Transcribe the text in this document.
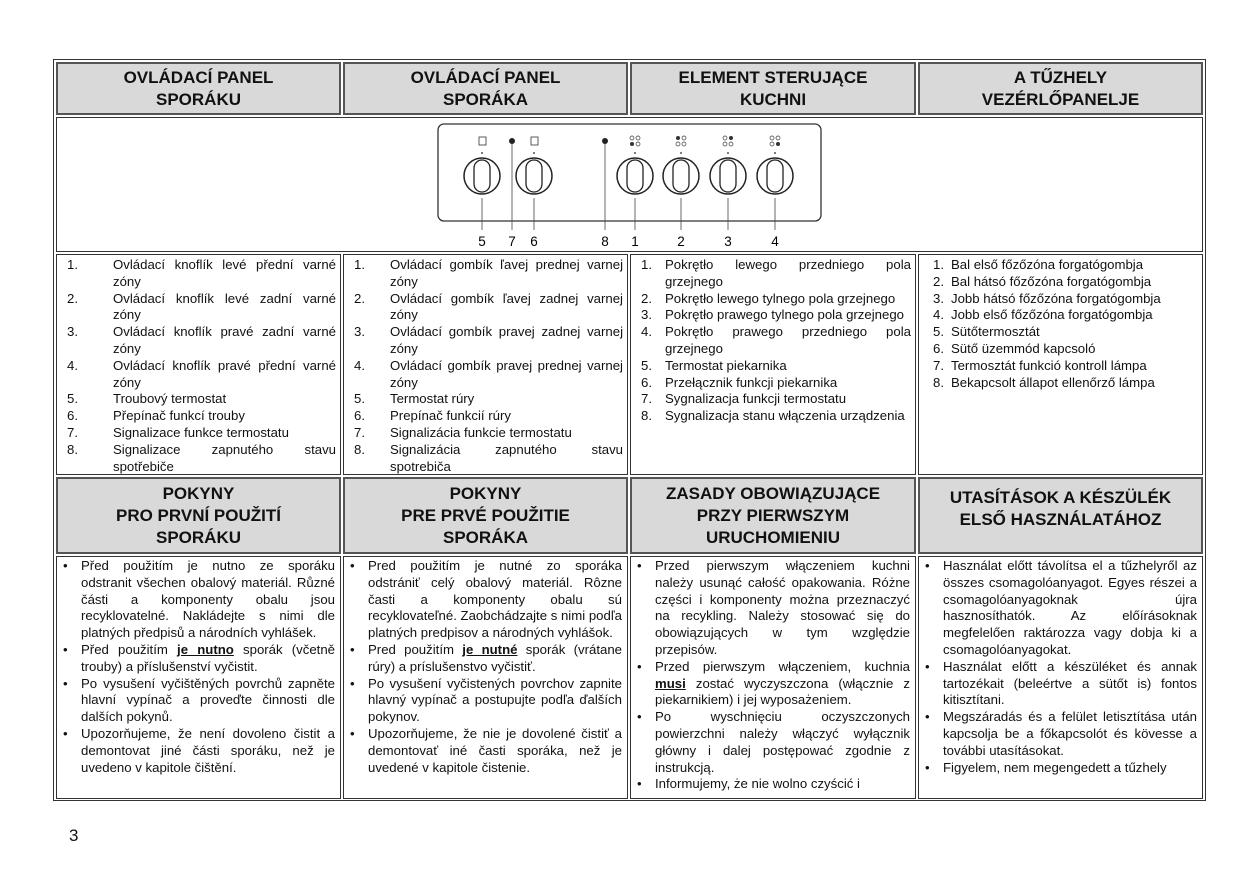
OVLÁDACÍ PANEL
SPORÁKU
OVLÁDACÍ PANEL
SPORÁKA
ELEMENT STERUJĄCE
KUCHNI
A TŰZHELY
VEZÉRLŐPANELJE
5 7 6	8 1	2	3	4
1.	Ovládací knoflík levé přední varné zóny
2.	Ovládací knoflík levé zadní varné zóny
3.	Ovládací knoflík pravé zadní varné zóny
4.	Ovládací knoflík pravé přední varné zóny
5.	Troubový termostat
6.	Přepínač funkcí trouby
7.	Signalizace funkce termostatu
8.	Signalizace zapnutého stavu spotřebiče
1.	Ovládací gombík ľavej prednej varnej zóny
2.	Ovládací gombík ľavej zadnej varnej zóny
3.	Ovládací gombík pravej zadnej varnej zóny
4.	Ovládací gombík pravej prednej varnej zóny
5.	Termostat rúry
6.	Prepínač funkcií rúry
7.	Signalizácia funkcie termostatu
8.	Signalizácia zapnutého stavu spotrebiča
1. Pokrętło lewego przedniego pola grzejnego
2. Pokrętło lewego tylnego pola grzejnego
3. Pokrętło prawego tylnego pola grzejnego
4. Pokrętło prawego przedniego pola grzejnego
5. Termostat piekarnika
6. Przełącznik funkcji piekarnika
7. Sygnalizacja funkcji termostatu
8. Sygnalizacja stanu włączenia urządzenia
1. Bal első főzőzóna forgatógombja
2. Bal hátsó főzőzóna forgatógombja
3. Jobb hátsó főzőzóna forgatógombja
4. Jobb első főzőzóna forgatógombja
5. Sütőtermosztát
6. Sütő üzemmód kapcsoló
7. Termosztát funkció kontroll lámpa
8. Bekapcsolt állapot ellenőrző lámpa
POKYNY
PRO PRVNÍ POUŽITÍ
SPORÁKU
POKYNY
PRE PRVÉ POUŽITIE
SPORÁKA
ZASADY OBOWIĄZUJĄCE
PRZY PIERWSZYM
URUCHOMIENIU
UTASÍTÁSOK A KÉSZÜLÉK
ELSŐ HASZNÁLATÁHOZ
•	Před použitím je nutno ze sporáku odstranit všechen obalový materiál. Různé části a komponenty obalu jsou recyklovatelné. Nakládejte s nimi dle platných předpisů a národních vyhlášek.
•	Před použitím je nutno sporák (včetně trouby) a příslušenství vyčistit.
•	Po vysušení vyčištěných povrchů zapněte hlavní vypínač a proveďte činnosti dle dalších pokynů.
•	Upozorňujeme, že není dovoleno čistit a demontovat jiné části sporáku, než je uvedeno v kapitole čištění.
•	Pred použitím je nutné zo sporáka odstrániť celý obalový materiál. Rôzne časti a komponenty obalu sú recyklovateľné. Zaobchádzajte s nimi podľa platných predpisov a národných vyhlášok.
•	Pred použitím je nutné sporák (vrátane rúry) a príslušenstvo vyčistiť.
•	Po vysušení vyčistených povrchov zapnite hlavný vypínač a postupujte podľa ďalších pokynov.
•	Upozorňujeme, že nie je dovolené čistiť a demontovať iné časti sporáka, než je uvedené v kapitole čistenie.
•	Przed pierwszym włączeniem kuchni należy usunąć całość opakowania. Różne części i komponenty można przeznaczyć na recykling. Należy stosować się do obowiązujących w tym względzie przepisów.
•	Przed pierwszym włączeniem, kuchnia musi zostać wyczyszczona (włącznie z piekarnikiem) i jej wyposażeniem.
•	Po wyschnięciu oczyszczonych powierzchni należy włączyć wyłącznik główny i dalej postępować zgodnie z instrukcją.
•	Informujemy, że nie wolno czyścić i
•	Használat előtt távolítsa el a tűzhelyről az összes csomagolóanyagot. Egyes részei a csomagolóanyagoknak újra hasznosíthatók. Az előírásoknak megfelelően raktározza vagy dobja ki a csomagolóanyagokat.
•	Használat előtt a készüléket és annak tartozékait (beleértve a sütőt is) fontos kitisztítani.
•	Megszáradás és a felület letisztítása után kapcsolja be a főkapcsolót és kövesse a további utasításokat.
•	Figyelem, nem megengedett a tűzhely
3
